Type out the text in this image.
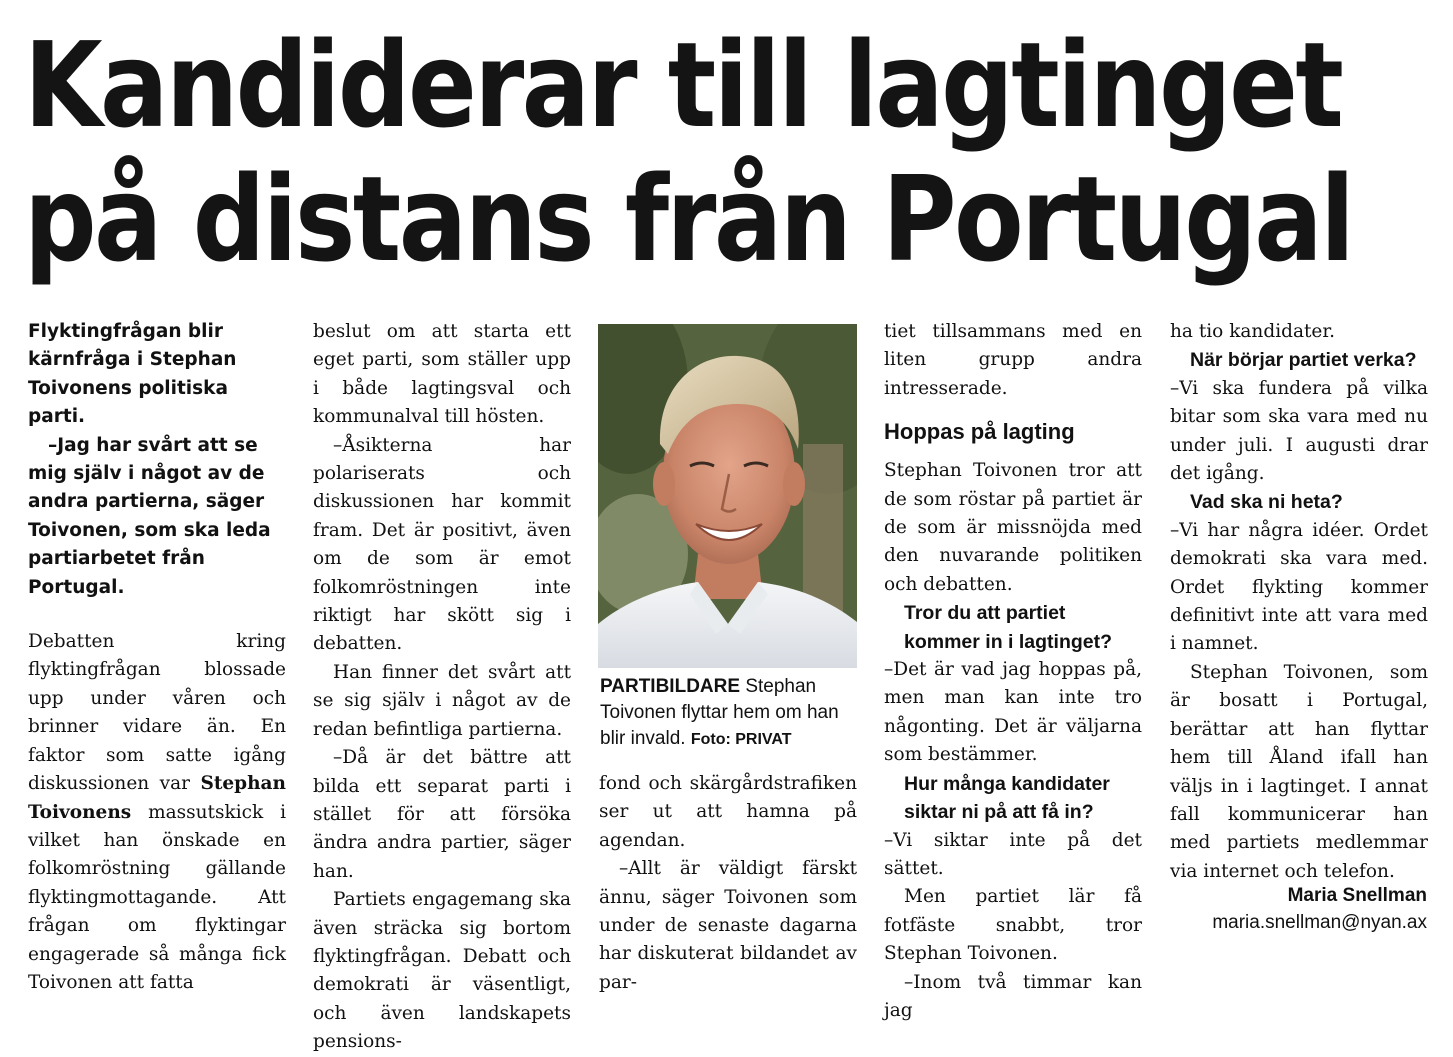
Kandiderar till lagtinget
på distans från Portugal

Flyktingfrågan blir kärnfråga i Stephan Toivonens politiska parti.

–Jag har svårt att se mig själv i något av de andra partierna, säger Toivonen, som ska leda partiarbetet från Portugal.

Debatten kring flyktingfrågan blossade upp under våren och brinner vidare än. En faktor som satte igång diskussionen var Stephan Toivonens massutskick i vilket han önskade en folkomröstning gällande flyktingmottagande. Att frågan om flyktingar engagerade så många fick Toivonen att fatta

beslut om att starta ett eget parti, som ställer upp i både lagtingsval och kommunalval till hösten.

–Åsikterna har polariserats och diskussionen har kommit fram. Det är positivt, även om de som är emot folkomröstningen inte riktigt har skött sig i debatten.

Han finner det svårt att se sig själv i något av de redan befintliga partierna.

–Då är det bättre att bilda ett separat parti i stället för att försöka ändra andra partier, säger han.

Partiets engagemang ska även sträcka sig bortom flyktingfrågan. Debatt och demokrati är väsentligt, och även landskapets pensions-

PARTIBILDARE Stephan Toivonen flyttar hem om han blir invald. Foto: PRIVAT

fond och skärgårdstrafiken ser ut att hamna på agendan.

–Allt är väldigt färskt ännu, säger Toivonen som under de senaste dagarna har diskuterat bildandet av par-

tiet tillsammans med en liten grupp andra intresserade.

Hoppas på lagting

Stephan Toivonen tror att de som röstar på partiet är de som är missnöjda med den nuvarande politiken och debatten.

Tror du att partiet kommer in i lagtinget?

–Det är vad jag hoppas på, men man kan inte tro någonting. Det är väljarna som bestämmer.

Hur många kandidater siktar ni på att få in?

–Vi siktar inte på det sättet.

Men partiet lär få fotfäste snabbt, tror Stephan Toivonen.

–Inom två timmar kan jag

ha tio kandidater.

När börjar partiet verka?

–Vi ska fundera på vilka bitar som ska vara med nu under juli. I augusti drar det igång.

Vad ska ni heta?

–Vi har några idéer. Ordet demokrati ska vara med. Ordet flykting kommer definitivt inte att vara med i namnet.

Stephan Toivonen, som är bosatt i Portugal, berättar att han flyttar hem till Åland ifall han väljs in i lagtinget. I annat fall kommunicerar han med partiets medlemmar via internet och telefon.

Maria Snellman
maria.snellman@nyan.ax
